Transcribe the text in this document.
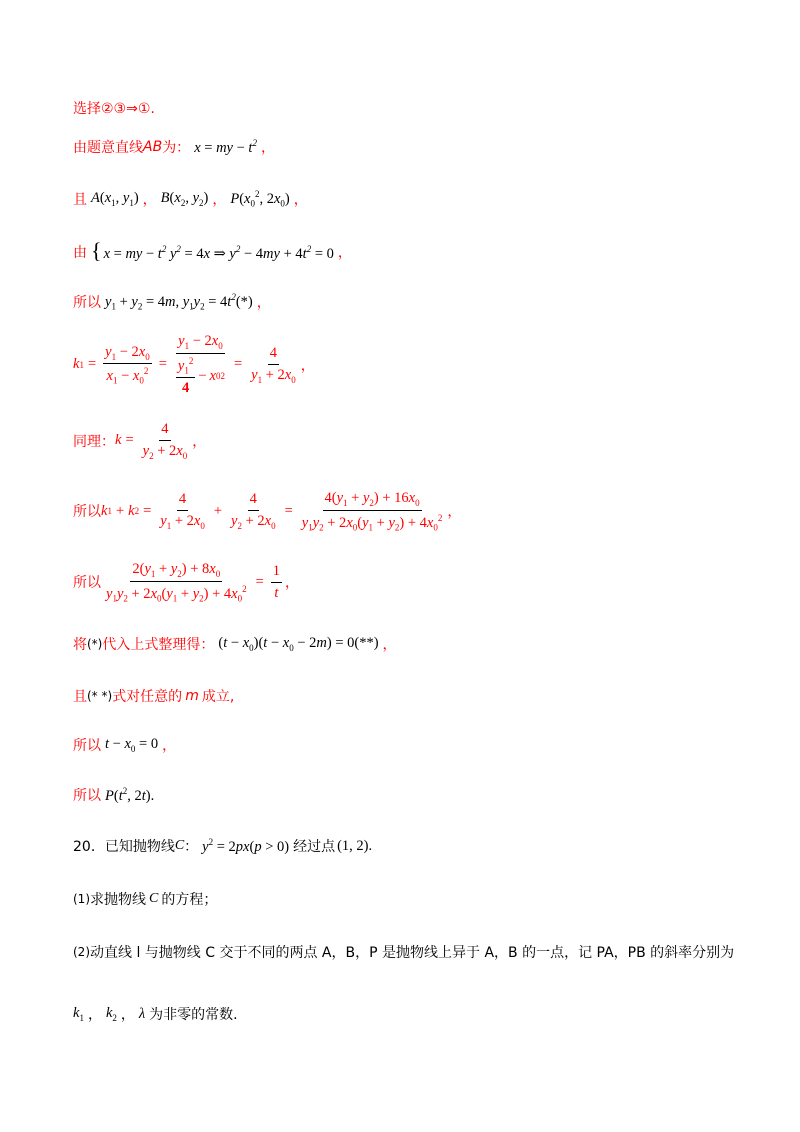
选择②③⇒①.
由题意直线 AB 为： x = my − $t^2$ ，
且 $A(x_1$, $y_1$) ， $B(x_2$, $y_2$) ， $P(x_0^2$, $2x_0$) ，
由 { x = my − $t^2$ $y^2 = 4x$ ⇒ $y^2 - 4my + 4t^2 = 0$ ，
所以 $y_1 + y_2 = 4m$, $y_1y_2 = 4t^2(*)$ ，
k $1 = \frac{y_1 - 2x_0}{x_1 - x_0^2} = \frac{y_1 - 2x_0}{\frac{y_1^2}{4} - x 0 2} = \frac{4}{y_1 + 2x_0}$ ，
同理： $k = \frac{4}{y_2 + 2x_0}$ ，
所以 k 1 + k $2 = \frac{4}{y_1 + 2x_0} + \frac{4}{y_2 + 2x_0} = \frac{4(y_1 + y_2) + 16x_0}{y_1y_2 + 2x_0(y_1 + y_2) + 4x_0^2}$ ，
所以 $\frac{2(y_1 + y_2) + 8x_0}{y_1y_2 + 2x_0(y_1 + y_2) + 4x_0^2} = \frac{1}{t}$ ，
将 (*) 代入上式整理得： $(t - x_0)(t - x_0 - 2m) = 0(**)$ ，
且 (* *) 式对任意的 m 成立,
所以 $t - x_0 = 0$ ，
所以 $P(t^2$, 2t).
20．已知抛物线 C ： $y^2 = 2px(p > 0)$ 经过点 (1, 2).
(1) 求抛物线 C 的方程；
(2) 动直线 l 与抛物线 C 交于不同的两点 A，B，P 是抛物线上异于 A，B 的一点，记 PA，PB 的斜率分别为
$k_1$ ， $k_2$ ， λ 为非零的常数.
